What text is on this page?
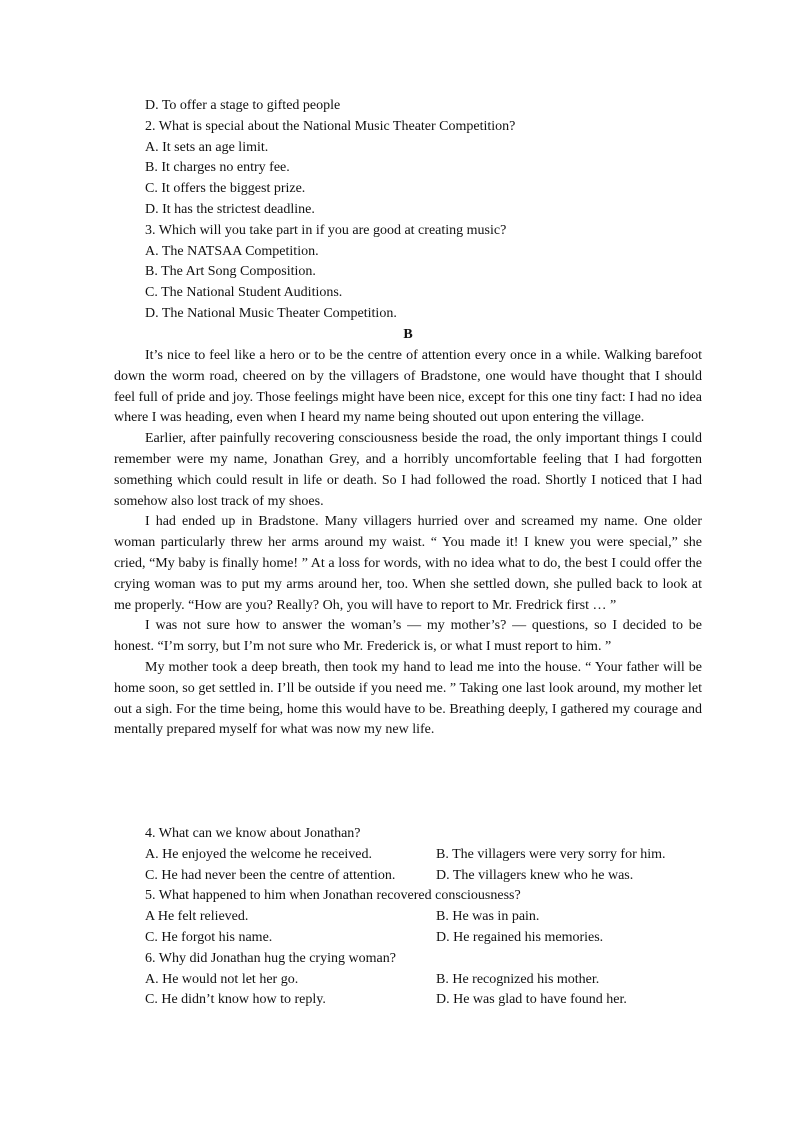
D. To offer a stage to gifted people
2. What is special about the National Music Theater Competition?
A. It sets an age limit.
B. It charges no entry fee.
C. It offers the biggest prize.
D. It has the strictest deadline.
3. Which will you take part in if you are good at creating music?
A. The NATSAA Competition.
B. The Art Song Composition.
C. The National Student Auditions.
D. The National Music Theater Competition.
B

It’s nice to feel like a hero or to be the centre of attention every once in a while. Walking barefoot down the worm road, cheered on by the villagers of Bradstone, one would have thought that I should feel full of pride and joy. Those feelings might have been nice, except for this one tiny fact: I had no idea where I was heading, even when I heard my name being shouted out upon entering the village.

Earlier, after painfully recovering consciousness beside the road, the only important things I could remember were my name, Jonathan Grey, and a horribly uncomfortable feeling that I had forgotten something which could result in life or death. So I had followed the road. Shortly I noticed that I had somehow also lost track of my shoes.

I had ended up in Bradstone. Many villagers hurried over and screamed my name. One older woman particularly threw her arms around my waist. “ You made it! I knew you were special,” she cried, “My baby is finally home! ” At a loss for words, with no idea what to do, the best I could offer the crying woman was to put my arms around her, too. When she settled down, she pulled back to look at me properly. “How are you? Really? Oh, you will have to report to Mr. Fredrick first … ”

I was not sure how to answer the woman’s — my mother’s? — questions, so I decided to be honest. “I’m sorry, but I’m not sure who Mr. Frederick is, or what I must report to him. ”

My mother took a deep breath, then took my hand to lead me into the house. “ Your father will be home soon, so get settled in. I’ll be outside if you need me. ” Taking one last look around, my mother let out a sigh. For the time being, home this would have to be. Breathing deeply, I gathered my courage and mentally prepared myself for what was now my new life.

4. What can we know about Jonathan?
A. He enjoyed the welcome he received.	B. The villagers were very sorry for him.
C. He had never been the centre of attention.	D. The villagers knew who he was.
5. What happened to him when Jonathan recovered consciousness?
A He felt relieved.	B. He was in pain.
C. He forgot his name.	D. He regained his memories.
6. Why did Jonathan hug the crying woman?
A. He would not let her go.	B. He recognized his mother.
C. He didn’t know how to reply.	D. He was glad to have found her.
